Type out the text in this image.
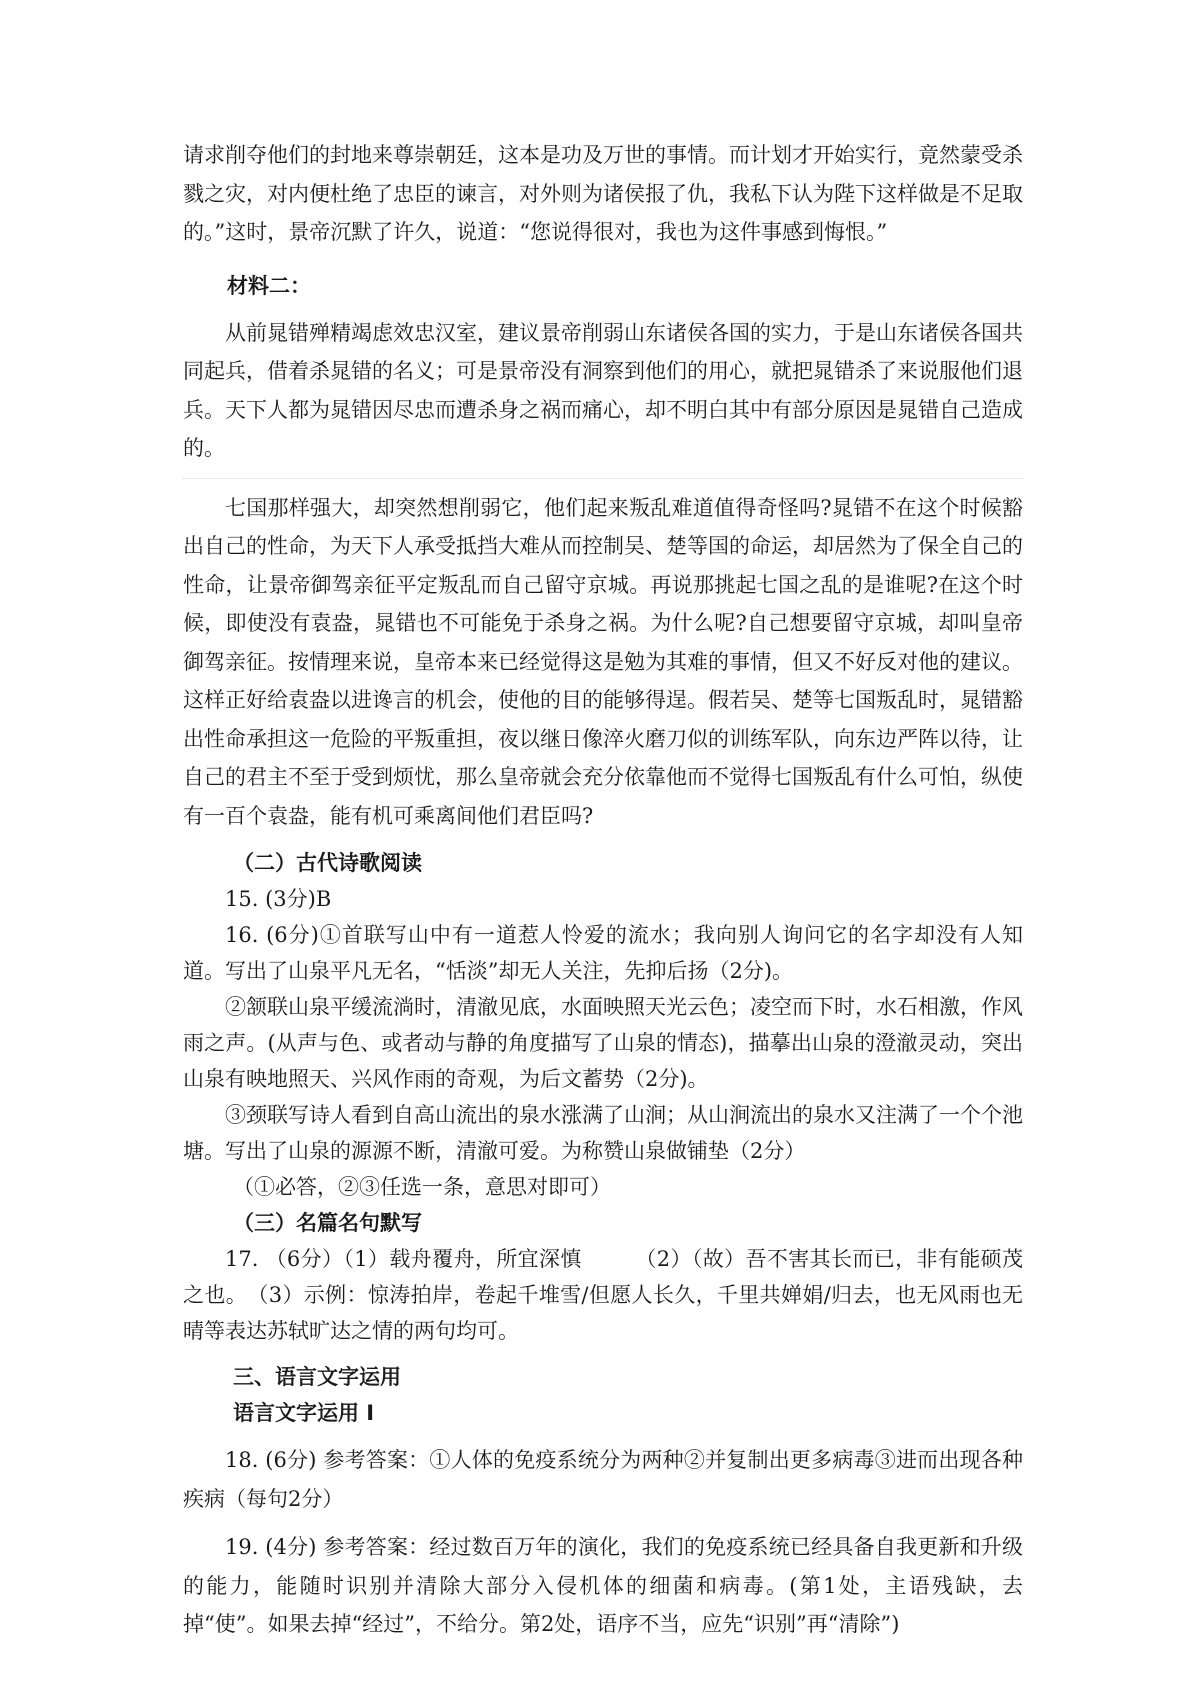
请求削夺他们的封地来尊崇朝廷，这本是功及万世的事情。而计划才开始实行，竟然蒙受杀戮之灾，对内便杜绝了忠臣的谏言，对外则为诸侯报了仇，我私下认为陛下这样做是不足取的。”这时，景帝沉默了许久，说道：“您说得很对，我也为这件事感到悔恨。”

材料二：

从前晁错殚精竭虑效忠汉室，建议景帝削弱山东诸侯各国的实力，于是山东诸侯各国共同起兵，借着杀晁错的名义；可是景帝没有洞察到他们的用心，就把晁错杀了来说服他们退兵。天下人都为晁错因尽忠而遭杀身之祸而痛心，却不明白其中有部分原因是晁错自己造成的。

七国那样强大，却突然想削弱它，他们起来叛乱难道值得奇怪吗?晁错不在这个时候豁出自己的性命，为天下人承受抵挡大难从而控制吴、楚等国的命运，却居然为了保全自己的性命，让景帝御驾亲征平定叛乱而自己留守京城。再说那挑起七国之乱的是谁呢?在这个时候，即使没有袁盎，晁错也不可能免于杀身之祸。为什么呢?自己想要留守京城，却叫皇帝御驾亲征。按情理来说，皇帝本来已经觉得这是勉为其难的事情，但又不好反对他的建议。这样正好给袁盎以进谗言的机会，使他的目的能够得逞。假若吴、楚等七国叛乱时，晁错豁出性命承担这一危险的平叛重担，夜以继日像淬火磨刀似的训练军队，向东边严阵以待，让自己的君主不至于受到烦忧，那么皇帝就会充分依靠他而不觉得七国叛乱有什么可怕，纵使有一百个袁盎，能有机可乘离间他们君臣吗?

（二）古代诗歌阅读

15. (3分)B

16. (6分)①首联写山中有一道惹人怜爱的流水；我向别人询问它的名字却没有人知道。写出了山泉平凡无名，“恬淡”却无人关注，先抑后扬（2分)。

②颔联山泉平缓流淌时，清澈见底，水面映照天光云色；凌空而下时，水石相激，作风雨之声。(从声与色、或者动与静的角度描写了山泉的情态)，描摹出山泉的澄澈灵动，突出山泉有映地照天、兴风作雨的奇观，为后文蓄势（2分)。

③颈联写诗人看到自高山流出的泉水涨满了山涧；从山涧流出的泉水又注满了一个个池塘。写出了山泉的源源不断，清澈可爱。为称赞山泉做铺垫（2分）

（①必答，②③任选一条，意思对即可）

（三）名篇名句默写

17. （6分）（1）载舟覆舟，所宜深慎　　　（2）（故）吾不害其长而已，非有能硕茂之也。　（3）示例：惊涛拍岸，卷起千堆雪/但愿人长久，千里共婵娟/归去，也无风雨也无晴等表达苏轼旷达之情的两句均可。

三、语言文字运用

语言文字运用 Ⅰ

18. (6分) 参考答案：①人体的免疫系统分为两种②并复制出更多病毒③进而出现各种疾病（每句2分）

19. (4分) 参考答案：经过数百万年的演化，我们的免疫系统已经具备自我更新和升级的能力，能随时识别并清除大部分入侵机体的细菌和病毒。(第1处，主语残缺，去掉“使”。如果去掉“经过”，不给分。第2处，语序不当，应先“识别”再“清除”)
